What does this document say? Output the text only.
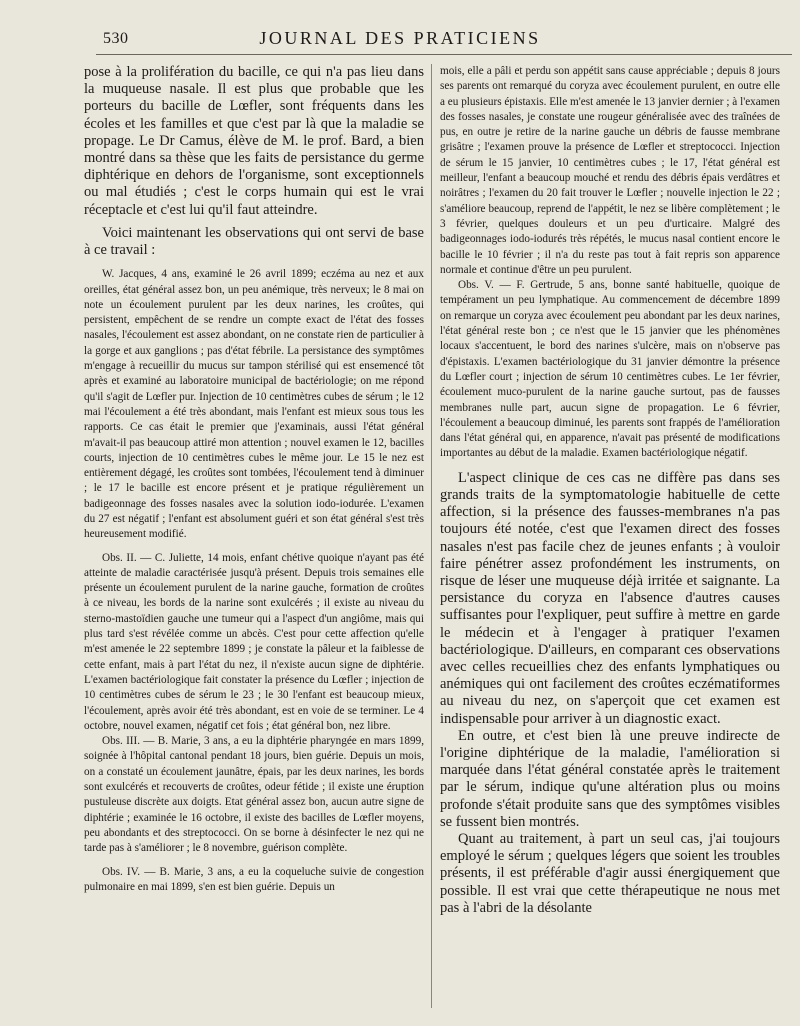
530	JOURNAL DES PRATICIENS

pose à la prolifération du bacille, ce qui n'a pas lieu dans la muqueuse nasale. Il est plus que probable que les porteurs du bacille de Lœfler, sont fréquents dans les écoles et les familles et que c'est par là que la maladie se propage. Le Dr Camus, élève de M. le prof. Bard, a bien montré dans sa thèse que les faits de persistance du germe diphtérique en dehors de l'organisme, sont exceptionnels ou mal étudiés ; c'est le corps humain qui est le vrai réceptacle et c'est lui qu'il faut atteindre.

Voici maintenant les observations qui ont servi de base à ce travail :

W. Jacques, 4 ans, examiné le 26 avril 1899; eczéma au nez et aux oreilles, état général assez bon, un peu anémique, très nerveux; le 8 mai on note un écoulement purulent par les deux narines, les croûtes, qui persistent, empêchent de se rendre un compte exact de l'état des fosses nasales, l'écoulement est assez abondant, on ne constate rien de particulier à la gorge et aux ganglions ; pas d'état fébrile. La persistance des symptômes m'engage à recueillir du mucus sur tampon stérilisé qui est ensemencé tôt après et examiné au laboratoire municipal de bactériologie; on me répond qu'il s'agit de Lœfler pur. Injection de 10 centimètres cubes de sérum ; le 12 mai l'écoulement a été très abondant, mais l'enfant est mieux sous tous les rapports. Ce cas était le premier que j'examinais, aussi l'état général m'avait-il pas beaucoup attiré mon attention ; nouvel examen le 12, bacilles courts, injection de 10 centimètres cubes le même jour. Le 15 le nez est entièrement dégagé, les croûtes sont tombées, l'écoulement tend à diminuer ; le 17 le bacille est encore présent et je pratique régulièrement un badigeonnage des fosses nasales avec la solution iodo-iodurée. L'examen du 27 est négatif ; l'enfant est absolument guéri et son état général s'est très heureusement modifié.

Obs. II. — C. Juliette, 14 mois, enfant chétive quoique n'ayant pas été atteinte de maladie caractérisée jusqu'à présent. Depuis trois semaines elle présente un écoulement purulent de la narine gauche, formation de croûtes à ce niveau, les bords de la narine sont exulcérés ; il existe au niveau du sterno-mastoïdien gauche une tumeur qui a l'aspect d'un angiôme, mais qui plus tard s'est révélée comme un abcès. C'est pour cette affection qu'elle m'est amenée le 22 septembre 1899 ; je constate la pâleur et la faiblesse de cette enfant, mais à part l'état du nez, il n'existe aucun signe de diphtérie. L'examen bactériologique fait constater la présence du Lœfler ; injection de 10 centimètres cubes de sérum le 23 ; le 30 l'enfant est beaucoup mieux, l'écoulement, après avoir été très abondant, est en voie de se terminer. Le 4 octobre, nouvel examen, négatif cet fois ; état général bon, nez libre.

Obs. III. — B. Marie, 3 ans, a eu la diphtérie pharyngée en mars 1899, soignée à l'hôpital cantonal pendant 18 jours, bien guérie. Depuis un mois, on a constaté un écoulement jaunâtre, épais, par les deux narines, les bords sont exulcérés et recouverts de croûtes, odeur fétide ; il existe une éruption pustuleuse discrète aux doigts. Etat général assez bon, aucun autre signe de diphtérie ; examinée le 16 octobre, il existe des bacilles de Lœfler moyens, peu abondants et des streptococci. On se borne à désinfecter le nez qui ne tarde pas à s'améliorer ; le 8 novembre, guérison complète.

Obs. IV. — B. Marie, 3 ans, a eu la coqueluche suivie de congestion pulmonaire en mai 1899, s'en est bien guérie. Depuis un

mois, elle a pâli et perdu son appétit sans cause appréciable ; depuis 8 jours ses parents ont remarqué du coryza avec écoulement purulent, en outre elle a eu plusieurs épistaxis. Elle m'est amenée le 13 janvier dernier ; à l'examen des fosses nasales, je constate une rougeur généralisée avec des traînées de pus, en outre je retire de la narine gauche un débris de fausse membrane grisâtre ; l'examen prouve la présence de Lœfler et streptococci. Injection de sérum le 15 janvier, 10 centimètres cubes ; le 17, l'état général est meilleur, l'enfant a beaucoup mouché et rendu des débris épais verdâtres et noirâtres ; l'examen du 20 fait trouver le Lœfler ; nouvelle injection le 22 ; s'améliore beaucoup, reprend de l'appétit, le nez se libère complètement ; le 3 février, quelques douleurs et un peu d'urticaire. Malgré des badigeonnages iodo-iodurés très répétés, le mucus nasal contient encore le bacille le 10 février ; il n'a du reste pas tout à fait repris son apparence normale et continue d'être un peu purulent.

Obs. V. — F. Gertrude, 5 ans, bonne santé habituelle, quoique de tempérament un peu lymphatique. Au commencement de décembre 1899 on remarque un coryza avec écoulement peu abondant par les deux narines, l'état général reste bon ; ce n'est que le 15 janvier que les phénomènes locaux s'accentuent, le bord des narines s'ulcère, mais on n'observe pas d'épistaxis. L'examen bactériologique du 31 janvier démontre la présence du Lœfler court ; injection de sérum 10 centimètres cubes. Le 1er février, écoulement muco-purulent de la narine gauche surtout, pas de fausses membranes nulle part, aucun signe de propagation. Le 6 février, l'écoulement a beaucoup diminué, les parents sont frappés de l'amélioration dans l'état général qui, en apparence, n'avait pas présenté de modifications importantes au début de la maladie. Examen bactériologique négatif.

L'aspect clinique de ces cas ne diffère pas dans ses grands traits de la symptomatologie habituelle de cette affection, si la présence des fausses-membranes n'a pas toujours été notée, c'est que l'examen direct des fosses nasales n'est pas facile chez de jeunes enfants ; à vouloir faire pénétrer assez profondément les instruments, on risque de léser une muqueuse déjà irritée et saignante. La persistance du coryza en l'absence d'autres causes suffisantes pour l'expliquer, peut suffire à mettre en garde le médecin et à l'engager à pratiquer l'examen bactériologique. D'ailleurs, en comparant ces observations avec celles recueillies chez des enfants lymphatiques ou anémiques qui ont facilement des croûtes eczématiformes au niveau du nez, on s'aperçoit que cet examen est indispensable pour arriver à un diagnostic exact.

En outre, et c'est bien là une preuve indirecte de l'origine diphtérique de la maladie, l'amélioration si marquée dans l'état général constatée après le traitement par le sérum, indique qu'une altération plus ou moins profonde s'était produite sans que des symptômes visibles se fussent bien montrés.

Quant au traitement, à part un seul cas, j'ai toujours employé le sérum ; quelques légers que soient les troubles présents, il est préférable d'agir aussi énergiquement que possible. Il est vrai que cette thérapeutique ne nous met pas à l'abri de la désolante
